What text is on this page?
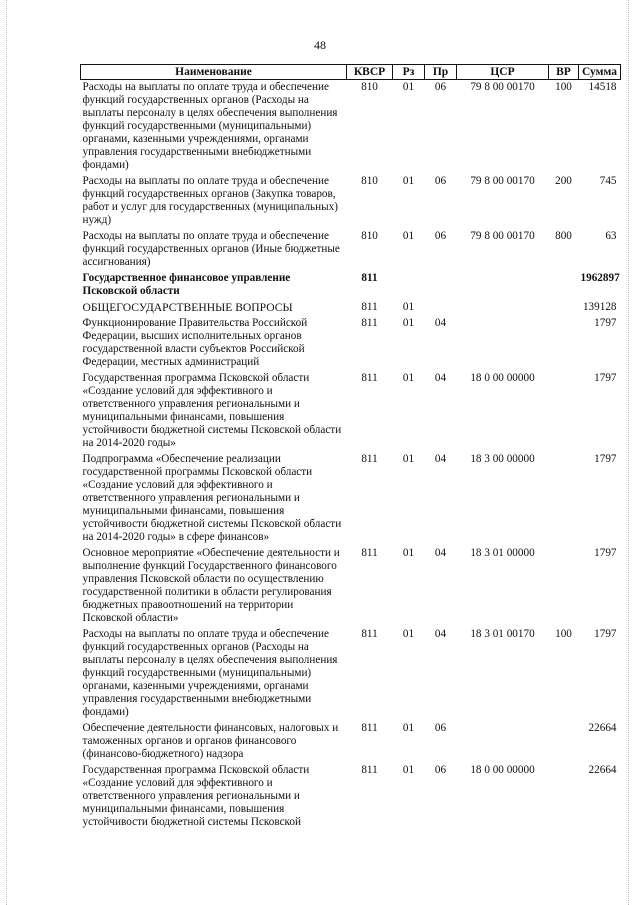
48
Наименование	КВСР	Рз	Пр	ЦСР	ВР	Сумма
Расходы на выплаты по оплате труда и обеспечение функций государственных органов (Расходы на выплаты персоналу в целях обеспечения выполнения функций государственными (муниципальными) органами, казенными учреждениями, органами управления государственными внебюджетными фондами)	810	01	06	79 8 00 00170	100	14518
Расходы на выплаты по оплате труда и обеспечение функций государственных органов (Закупка товаров, работ и услуг для государственных (муниципальных) нужд)	810	01	06	79 8 00 00170	200	745
Расходы на выплаты по оплате труда и обеспечение функций государственных органов (Иные бюджетные ассигнования)	810	01	06	79 8 00 00170	800	63
Государственное финансовое управление Псковской области	811					1962897
ОБЩЕГОСУДАРСТВЕННЫЕ ВОПРОСЫ	811	01				139128
Функционирование Правительства Российской Федерации, высших исполнительных органов государственной власти субъектов Российской Федерации, местных администраций	811	01	04			1797
Государственная программа Псковской области «Создание условий для эффективного и ответственного управления региональными и муниципальными финансами, повышения устойчивости бюджетной системы Псковской области на 2014-2020 годы»	811	01	04	18 0 00 00000		1797
Подпрограмма «Обеспечение реализации государственной программы Псковской области «Создание условий для эффективного и ответственного управления региональными и муниципальными финансами, повышения устойчивости бюджетной системы Псковской области на 2014-2020 годы» в сфере финансов»	811	01	04	18 3 00 00000		1797
Основное мероприятие «Обеспечение деятельности и выполнение функций Государственного финансового управления Псковской области по осуществлению государственной политики в области регулирования бюджетных правоотношений на территории Псковской области»	811	01	04	18 3 01 00000		1797
Расходы на выплаты по оплате труда и обеспечение функций государственных органов (Расходы на выплаты персоналу в целях обеспечения выполнения функций государственными (муниципальными) органами, казенными учреждениями, органами управления государственными внебюджетными фондами)	811	01	04	18 3 01 00170	100	1797
Обеспечение деятельности финансовых, налоговых и таможенных органов и органов финансового (финансово-бюджетного) надзора	811	01	06			22664
Государственная программа Псковской области «Создание условий для эффективного и ответственного управления региональными и муниципальными финансами, повышения устойчивости бюджетной системы Псковской	811	01	06	18 0 00 00000		22664
